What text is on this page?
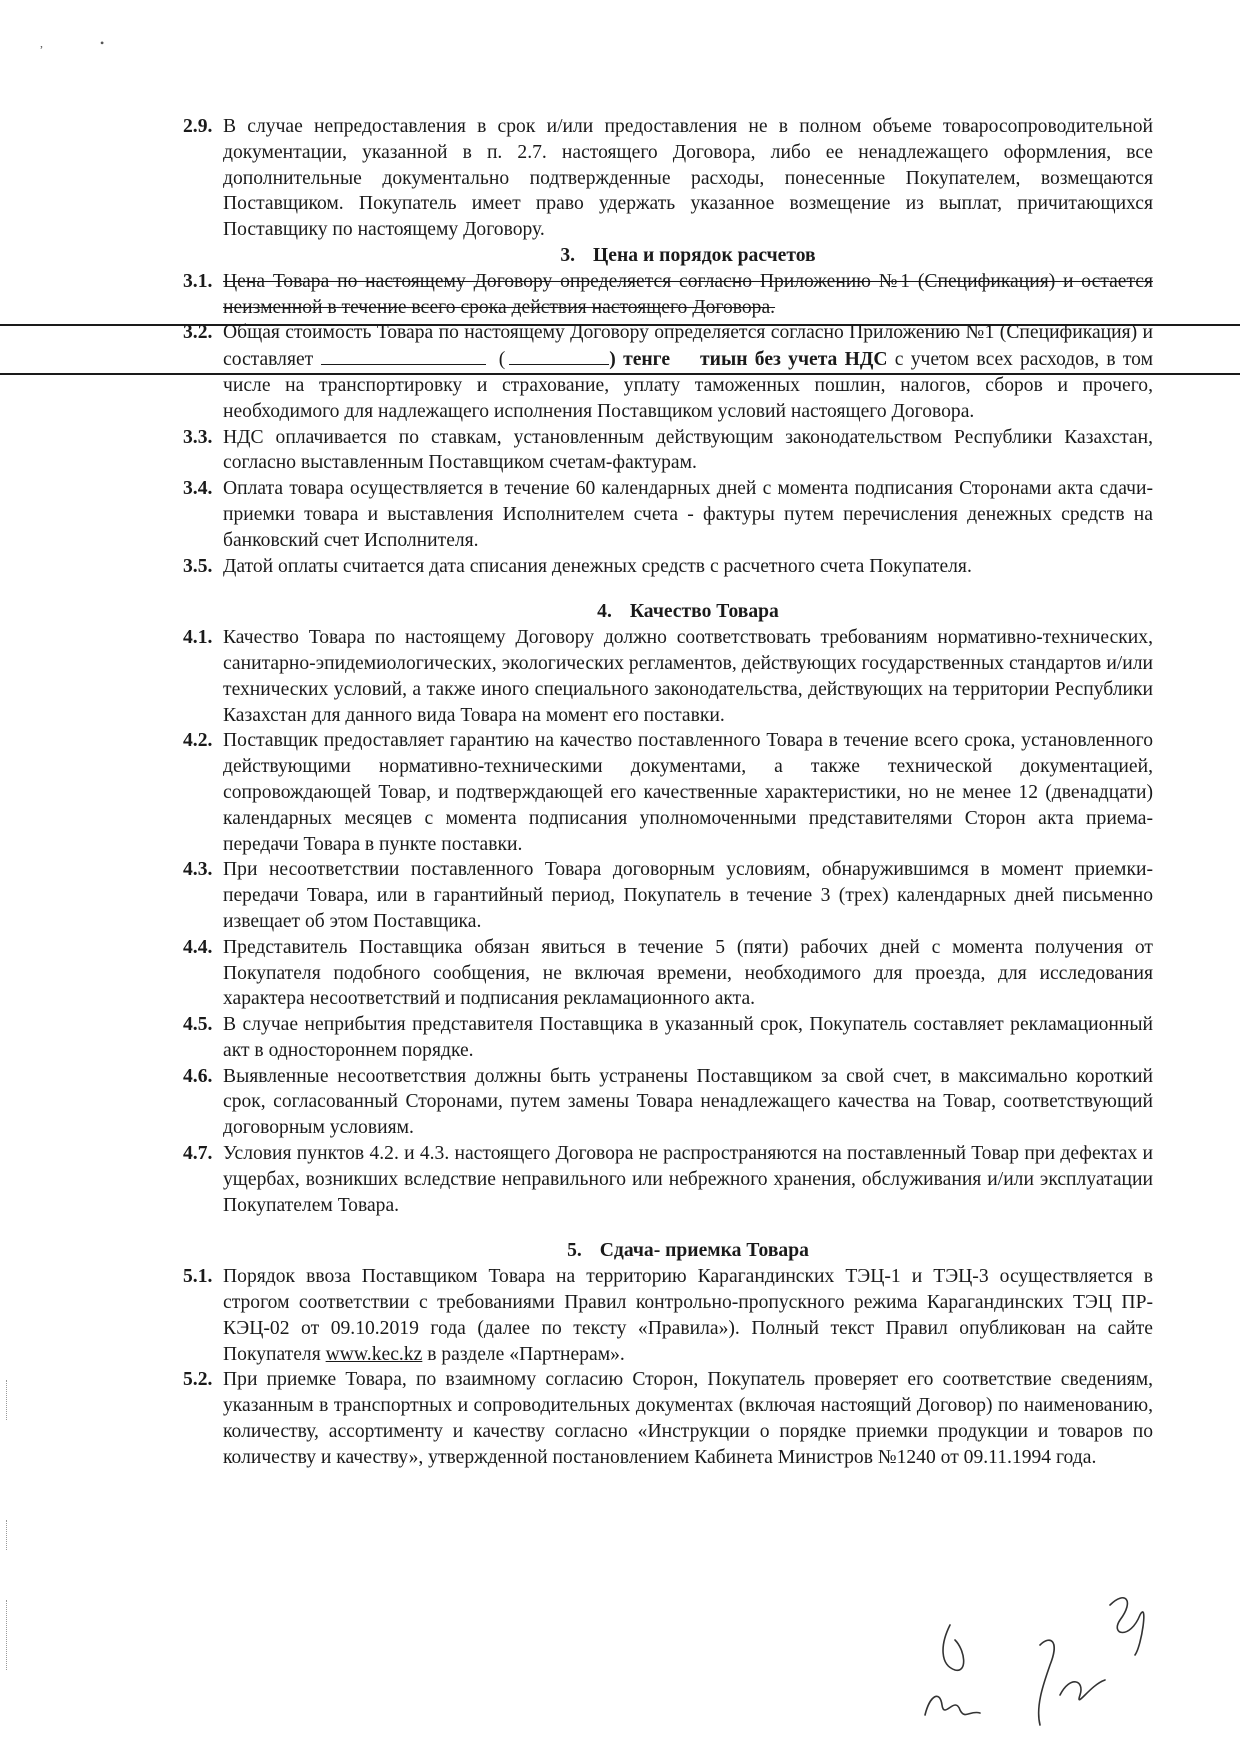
,                   •
2.9. В случае непредоставления в срок и/или предоставления не в полном объеме товаросопроводительной документации, указанной в п. 2.7. настоящего Договора, либо ее ненадлежащего оформления, все дополнительные документально подтвержденные расходы, понесенные Покупателем, возмещаются Поставщиком. Покупатель имеет право удержать указанное возмещение из выплат, причитающихся Поставщику по настоящему Договору.
3. Цена и порядок расчетов
3.1. Цена Товара по настоящему Договору определяется согласно Приложению №1 (Спецификация) и остается неизменной в течение всего срока действия настоящего Договора.
3.2. Общая стоимость Товара по настоящему Договору определяется согласно Приложению №1 (Спецификация) и составляет	(	) тенге тиын без учета НДС с учетом всех расходов, в том числе на транспортировку и страхование, уплату таможенных пошлин, налогов, сборов и прочего, необходимого для надлежащего исполнения Поставщиком условий настоящего Договора.
3.3. НДС оплачивается по ставкам, установленным действующим законодательством Республики Казахстан, согласно выставленным Поставщиком счетам-фактурам.
3.4. Оплата товара осуществляется в течение 60 календарных дней с момента подписания Сторонами акта сдачи-приемки товара и выставления Исполнителем счета - фактуры путем перечисления денежных средств на банковский счет Исполнителя.
3.5. Датой оплаты считается дата списания денежных средств с расчетного счета Покупателя.
4. Качество Товара
4.1. Качество Товара по настоящему Договору должно соответствовать требованиям нормативно-технических, санитарно-эпидемиологических, экологических регламентов, действующих государственных стандартов и/или технических условий, а также иного специального законодательства, действующих на территории Республики Казахстан для данного вида Товара на момент его поставки.
4.2. Поставщик предоставляет гарантию на качество поставленного Товара в течение всего срока, установленного действующими нормативно-техническими документами, а также технической документацией, сопровождающей Товар, и подтверждающей его качественные характеристики, но не менее 12 (двенадцати) календарных месяцев с момента подписания уполномоченными представителями Сторон акта приема-передачи Товара в пункте поставки.
4.3. При несоответствии поставленного Товара договорным условиям, обнаружившимся в момент приемки-передачи Товара, или в гарантийный период, Покупатель в течение 3 (трех) календарных дней письменно извещает об этом Поставщика.
4.4. Представитель Поставщика обязан явиться в течение 5 (пяти) рабочих дней с момента получения от Покупателя подобного сообщения, не включая времени, необходимого для проезда, для исследования характера несоответствий и подписания рекламационного акта.
4.5. В случае неприбытия представителя Поставщика в указанный срок, Покупатель составляет рекламационный акт в одностороннем порядке.
4.6. Выявленные несоответствия должны быть устранены Поставщиком за свой счет, в максимально короткий срок, согласованный Сторонами, путем замены Товара ненадлежащего качества на Товар, соответствующий договорным условиям.
4.7. Условия пунктов 4.2. и 4.3. настоящего Договора не распространяются на поставленный Товар при дефектах и ущербах, возникших вследствие неправильного или небрежного хранения, обслуживания и/или эксплуатации Покупателем Товара.
5. Сдача- приемка Товара
5.1. Порядок ввоза Поставщиком Товара на территорию Карагандинских ТЭЦ-1 и ТЭЦ-3 осуществляется в строгом соответствии с требованиями Правил контрольно-пропускного режима Карагандинских ТЭЦ ПР-КЭЦ-02 от 09.10.2019 года (далее по тексту «Правила»). Полный текст Правил опубликован на сайте Покупателя www.kec.kz в разделе «Партнерам».
5.2. При приемке Товара, по взаимному согласию Сторон, Покупатель проверяет его соответствие сведениям, указанным в транспортных и сопроводительных документах (включая настоящий Договор) по наименованию, количеству, ассортименту и качеству согласно «Инструкции о порядке приемки продукции и товаров по количеству и качеству», утвержденной постановлением Кабинета Министров №1240 от 09.11.1994 года.
